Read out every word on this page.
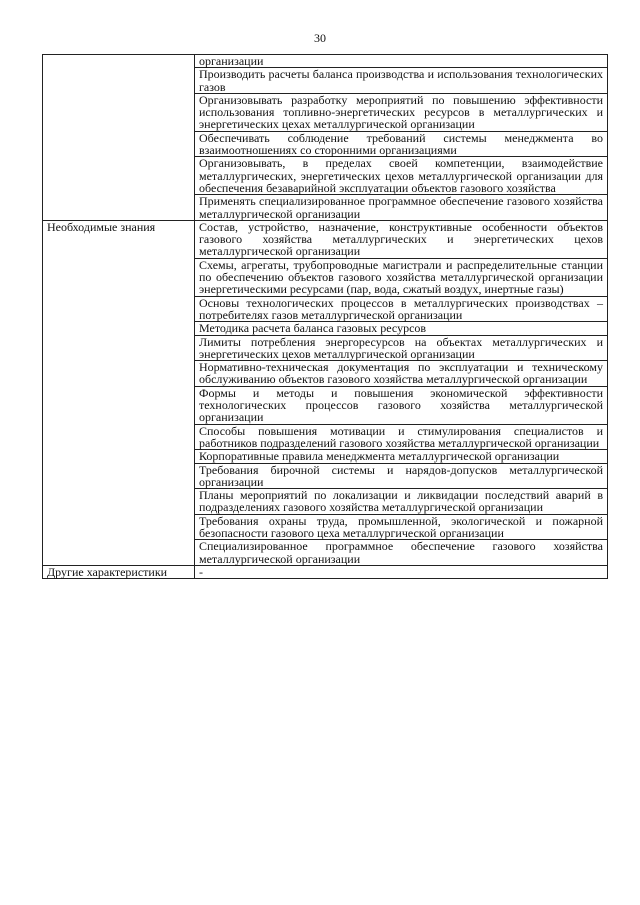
30
	организации
	Производить расчеты баланса производства и использования технологических газов
	Организовывать разработку мероприятий по повышению эффективности использования топливно-энергетических ресурсов в металлургических и энергетических цехах металлургической организации
	Обеспечивать соблюдение требований системы менеджмента во взаимоотношениях со сторонними организациями
	Организовывать, в пределах своей компетенции, взаимодействие металлургических, энергетических цехов металлургической организации для обеспечения безаварийной эксплуатации объектов газового хозяйства
	Применять специализированное программное обеспечение газового хозяйства металлургической организации
Необходимые знания	Состав, устройство, назначение, конструктивные особенности объектов газового хозяйства металлургических и энергетических цехов металлургической организации
	Схемы, агрегаты, трубопроводные магистрали и распределительные станции по обеспечению объектов газового хозяйства металлургической организации энергетическими ресурсами (пар, вода, сжатый воздух, инертные газы)
	Основы технологических процессов в металлургических производствах – потребителях газов металлургической организации
	Методика расчета баланса газовых ресурсов
	Лимиты потребления энергоресурсов на объектах металлургических и энергетических цехов металлургической организации
	Нормативно-техническая документация по эксплуатации и техническому обслуживанию объектов газового хозяйства металлургической организации
	Формы и методы и повышения экономической эффективности технологических процессов газового хозяйства металлургической организации
	Способы повышения мотивации и стимулирования специалистов и работников подразделений газового хозяйства металлургической организации
	Корпоративные правила менеджмента металлургической организации
	Требования бирочной системы и нарядов-допусков металлургической организации
	Планы мероприятий по локализации и ликвидации последствий аварий в подразделениях газового хозяйства металлургической организации
	Требования охраны труда, промышленной, экологической и пожарной безопасности газового цеха металлургической организации
	Специализированное программное обеспечение газового хозяйства металлургической организации
Другие характеристики	-
